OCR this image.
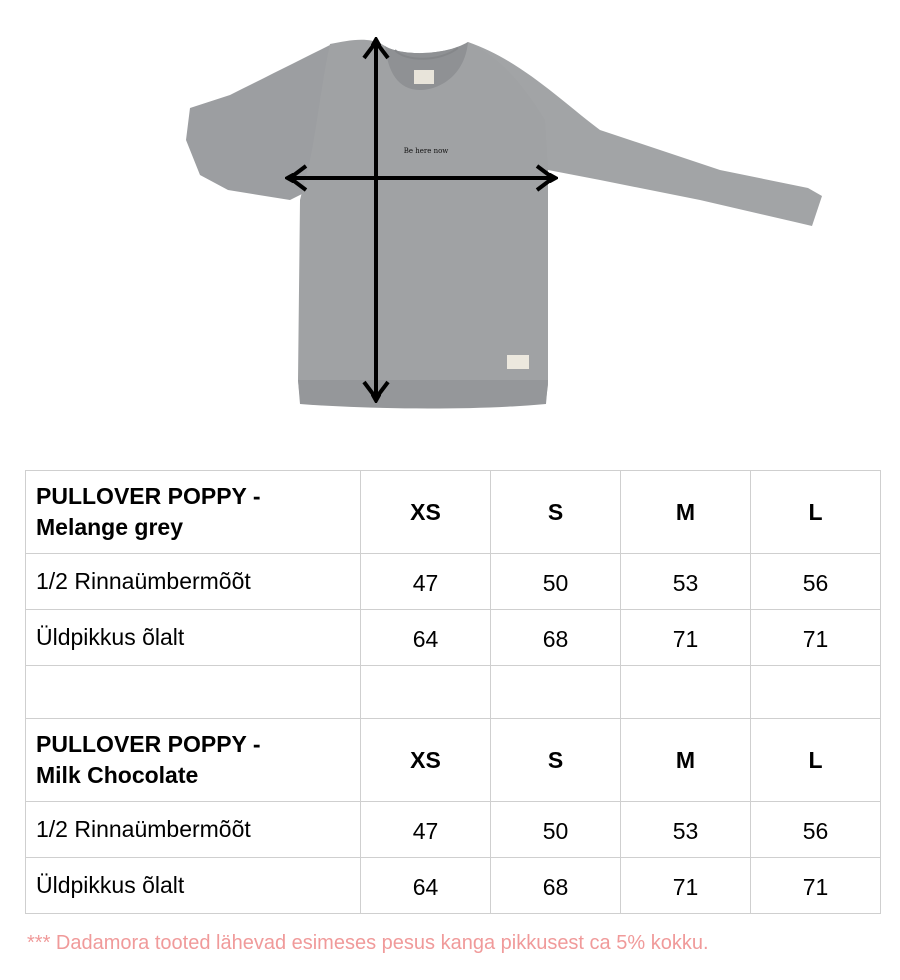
Be here now
PULLOVER POPPY -
Melange grey	XS	S	M	L
1/2 Rinnaümbermõõt	47	50	53	56
Üldpikkus õlalt	64	68	71	71

PULLOVER POPPY -
Milk Chocolate	XS	S	M	L
1/2 Rinnaümbermõõt	47	50	53	56
Üldpikkus õlalt	64	68	71	71
*** Dadamora tooted lähevad esimeses pesus kanga pikkusest ca 5% kokku.
